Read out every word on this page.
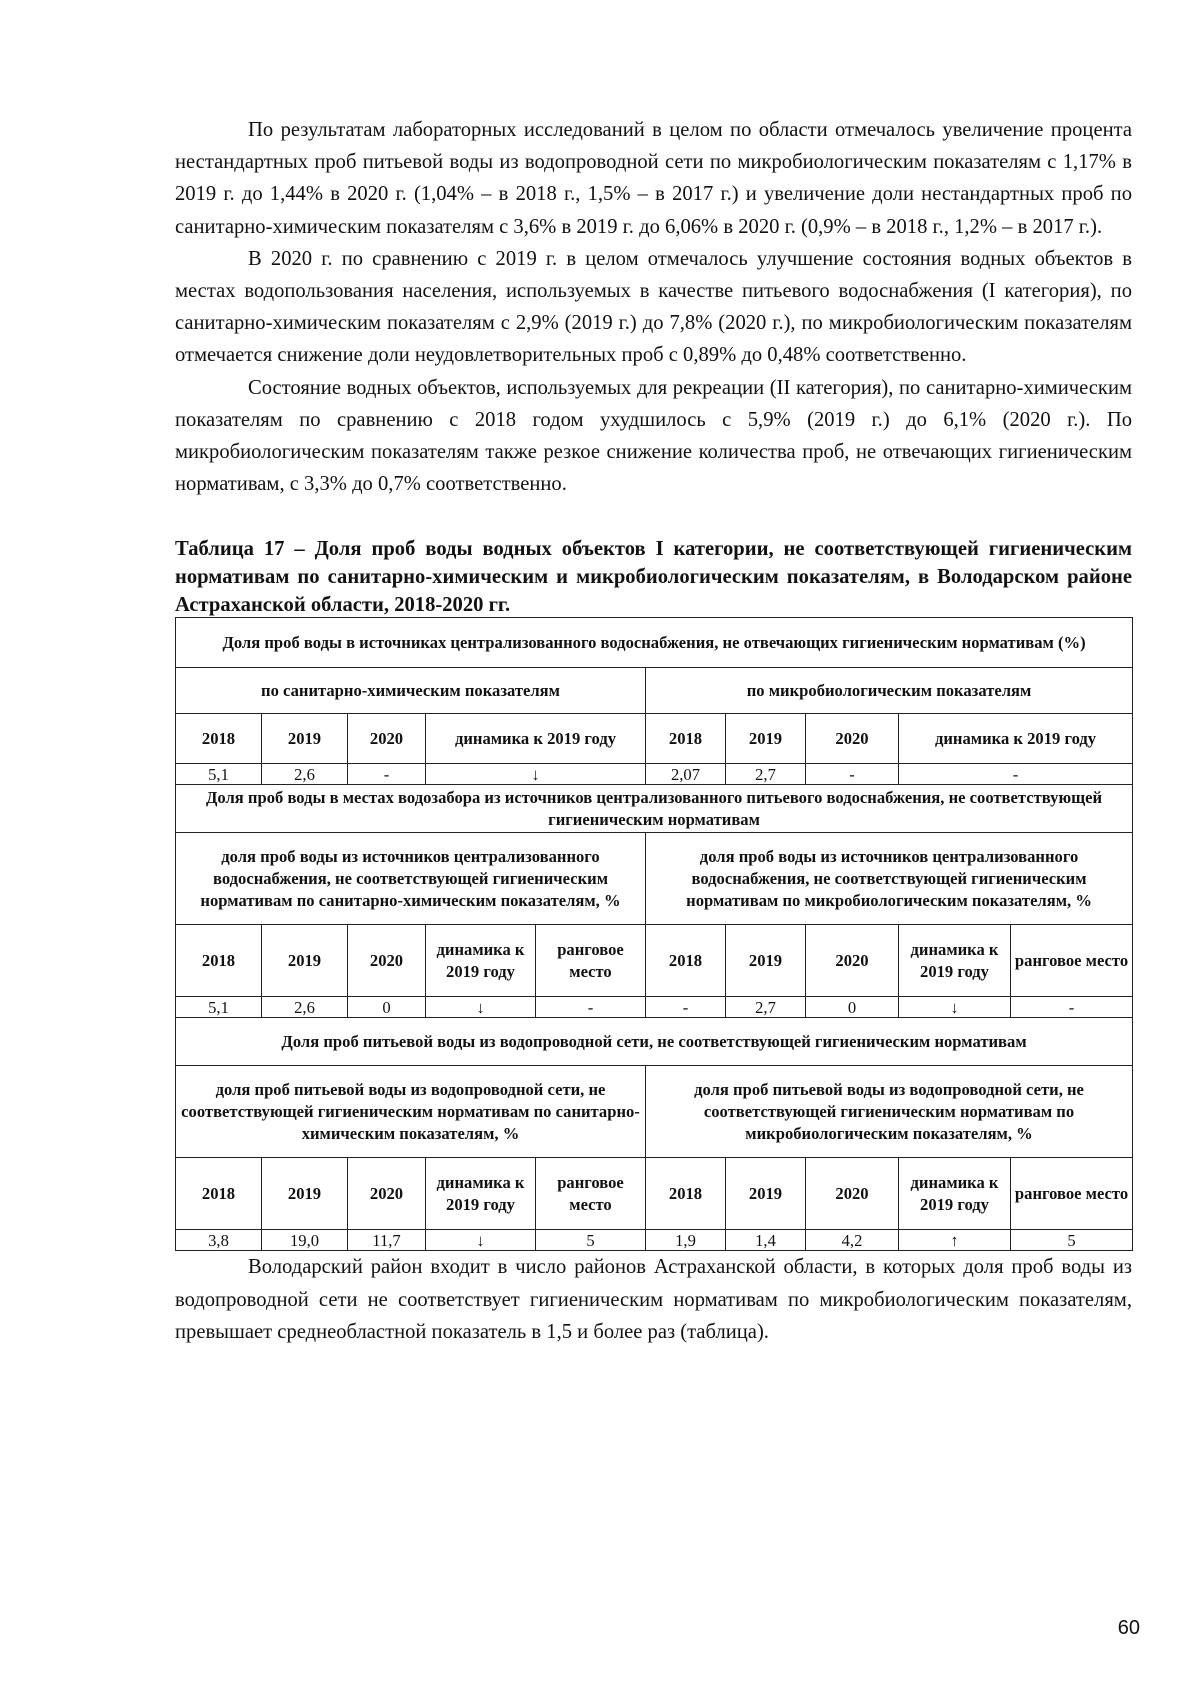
По результатам лабораторных исследований в целом по области отмечалось увеличение процента нестандартных проб питьевой воды из водопроводной сети по микробиологическим показателям с 1,17% в 2019 г. до 1,44% в 2020 г. (1,04% – в 2018 г., 1,5% – в 2017 г.) и увеличение доли нестандартных проб по санитарно-химическим показателям с 3,6% в 2019 г. до 6,06% в 2020 г. (0,9% – в 2018 г., 1,2% – в 2017 г.).

В 2020 г. по сравнению с 2019 г. в целом отмечалось улучшение состояния водных объектов в местах водопользования населения, используемых в качестве питьевого водоснабжения (I категория), по санитарно-химическим показателям с 2,9% (2019 г.) до 7,8% (2020 г.), по микробиологическим показателям отмечается снижение доли неудовлетворительных проб с 0,89% до 0,48% соответственно.

Состояние водных объектов, используемых для рекреации (II категория), по санитарно-химическим показателям по сравнению с 2018 годом ухудшилось с 5,9% (2019 г.) до 6,1% (2020 г.). По микробиологическим показателям также резкое снижение количества проб, не отвечающих гигиеническим нормативам, с 3,3% до 0,7% соответственно.

Таблица 17 – Доля проб воды водных объектов I категории, не соответствующей гигиеническим нормативам по санитарно-химическим и микробиологическим показателям, в Володарском районе Астраханской области, 2018-2020 гг.

Доля проб воды в источниках централизованного водоснабжения, не отвечающих гигиеническим нормативам (%)									
по санитарно-химическим показателям					по микробиологическим показателям				
2018	2019	2020	динамика к 2019 году		2018	2019	2020	динамика к 2019 году	
5,1	2,6	-	↓		2,07	2,7	-	-	
Доля проб воды в местах водозабора из источников централизованного питьевого водоснабжения, не соответствующей гигиеническим нормативам									
доля проб воды из источников централизованного водоснабжения, не соответствующей гигиеническим нормативам по санитарно-химическим показателям, %					доля проб воды из источников централизованного водоснабжения, не соответствующей гигиеническим нормативам по микробиологическим показателям, %				
2018	2019	2020	динамика к 2019 году	ранговое место	2018	2019	2020	динамика к 2019 году	ранговое место
5,1	2,6	0	↓	-	-	2,7	0	↓	-
Доля проб питьевой воды из водопроводной сети, не соответствующей гигиеническим нормативам									
доля проб питьевой воды из водопроводной сети, не соответствующей гигиеническим нормативам по санитарно-химическим показателям, %					доля проб питьевой воды из водопроводной сети, не соответствующей гигиеническим нормативам по микробиологическим показателям, %				
2018	2019	2020	динамика к 2019 году	ранговое место	2018	2019	2020	динамика к 2019 году	ранговое место
3,8	19,0	11,7	↓	5	1,9	1,4	4,2	↑	5

Володарский район входит в число районов Астраханской области, в которых доля проб воды из водопроводной сети не соответствует гигиеническим нормативам по микробиологическим показателям, превышает среднеобластной показатель в 1,5 и более раз (таблица).

60
